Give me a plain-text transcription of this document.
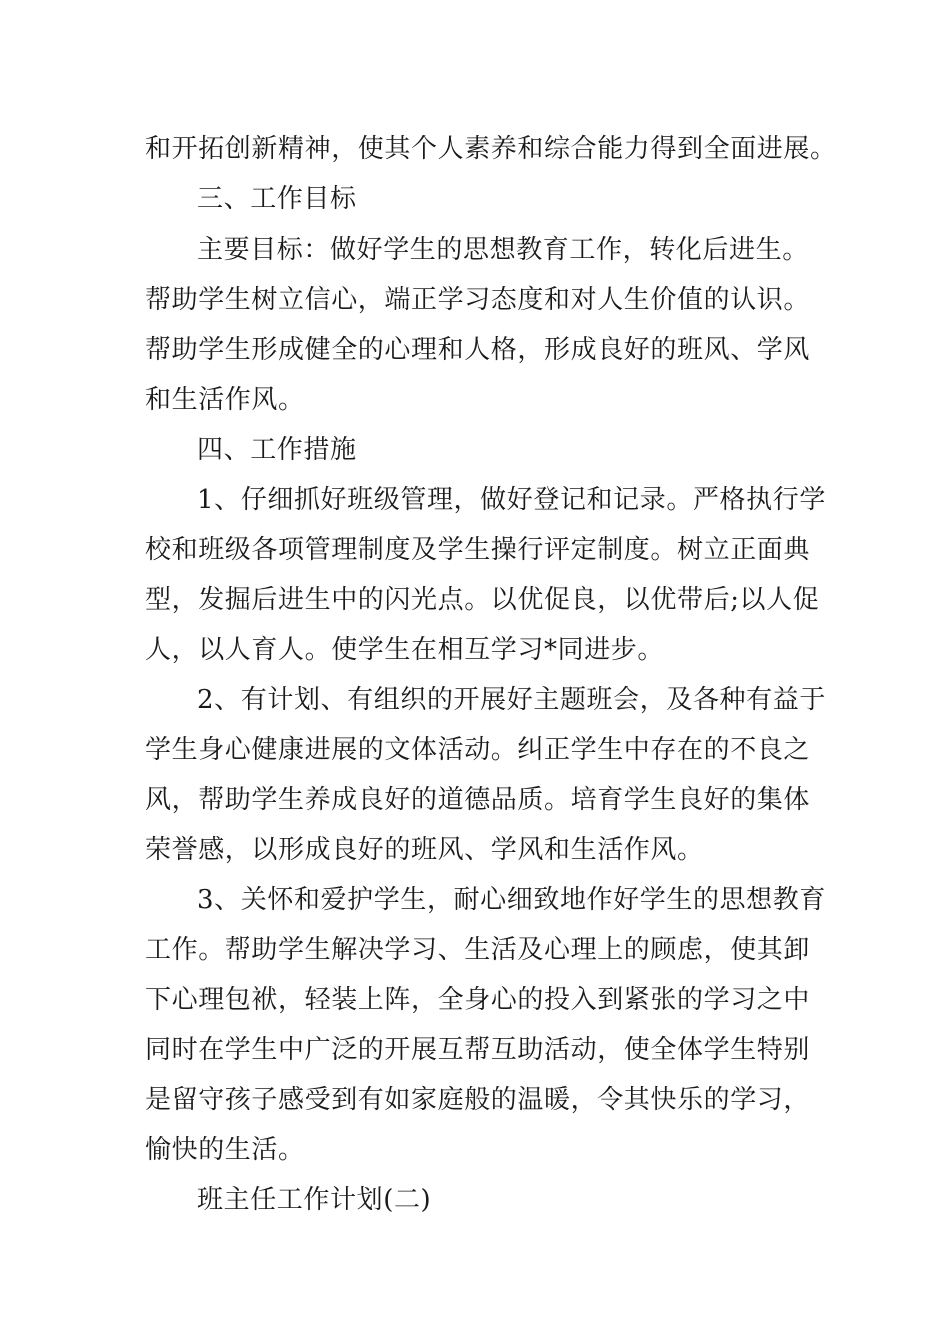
和开拓创新精神，使其个人素养和综合能力得到全面进展。
三、工作目标
主要目标：做好学生的思想教育工作，转化后进生。
帮助学生树立信心，端正学习态度和对人生价值的认识。
帮助学生形成健全的心理和人格，形成良好的班风、学风
和生活作风。
四、工作措施
1、仔细抓好班级管理，做好登记和记录。严格执行学
校和班级各项管理制度及学生操行评定制度。树立正面典
型，发掘后进生中的闪光点。以优促良，以优带后;以人促
人，以人育人。使学生在相互学习*同进步。
2、有计划、有组织的开展好主题班会，及各种有益于
学生身心健康进展的文体活动。纠正学生中存在的不良之
风，帮助学生养成良好的道德品质。培育学生良好的集体
荣誉感，以形成良好的班风、学风和生活作风。
3、关怀和爱护学生，耐心细致地作好学生的思想教育
工作。帮助学生解决学习、生活及心理上的顾虑，使其卸
下心理包袱，轻装上阵，全身心的投入到紧张的学习之中
同时在学生中广泛的开展互帮互助活动，使全体学生特别
是留守孩子感受到有如家庭般的温暖，令其快乐的学习，
愉快的生活。
班主任工作计划(二)
